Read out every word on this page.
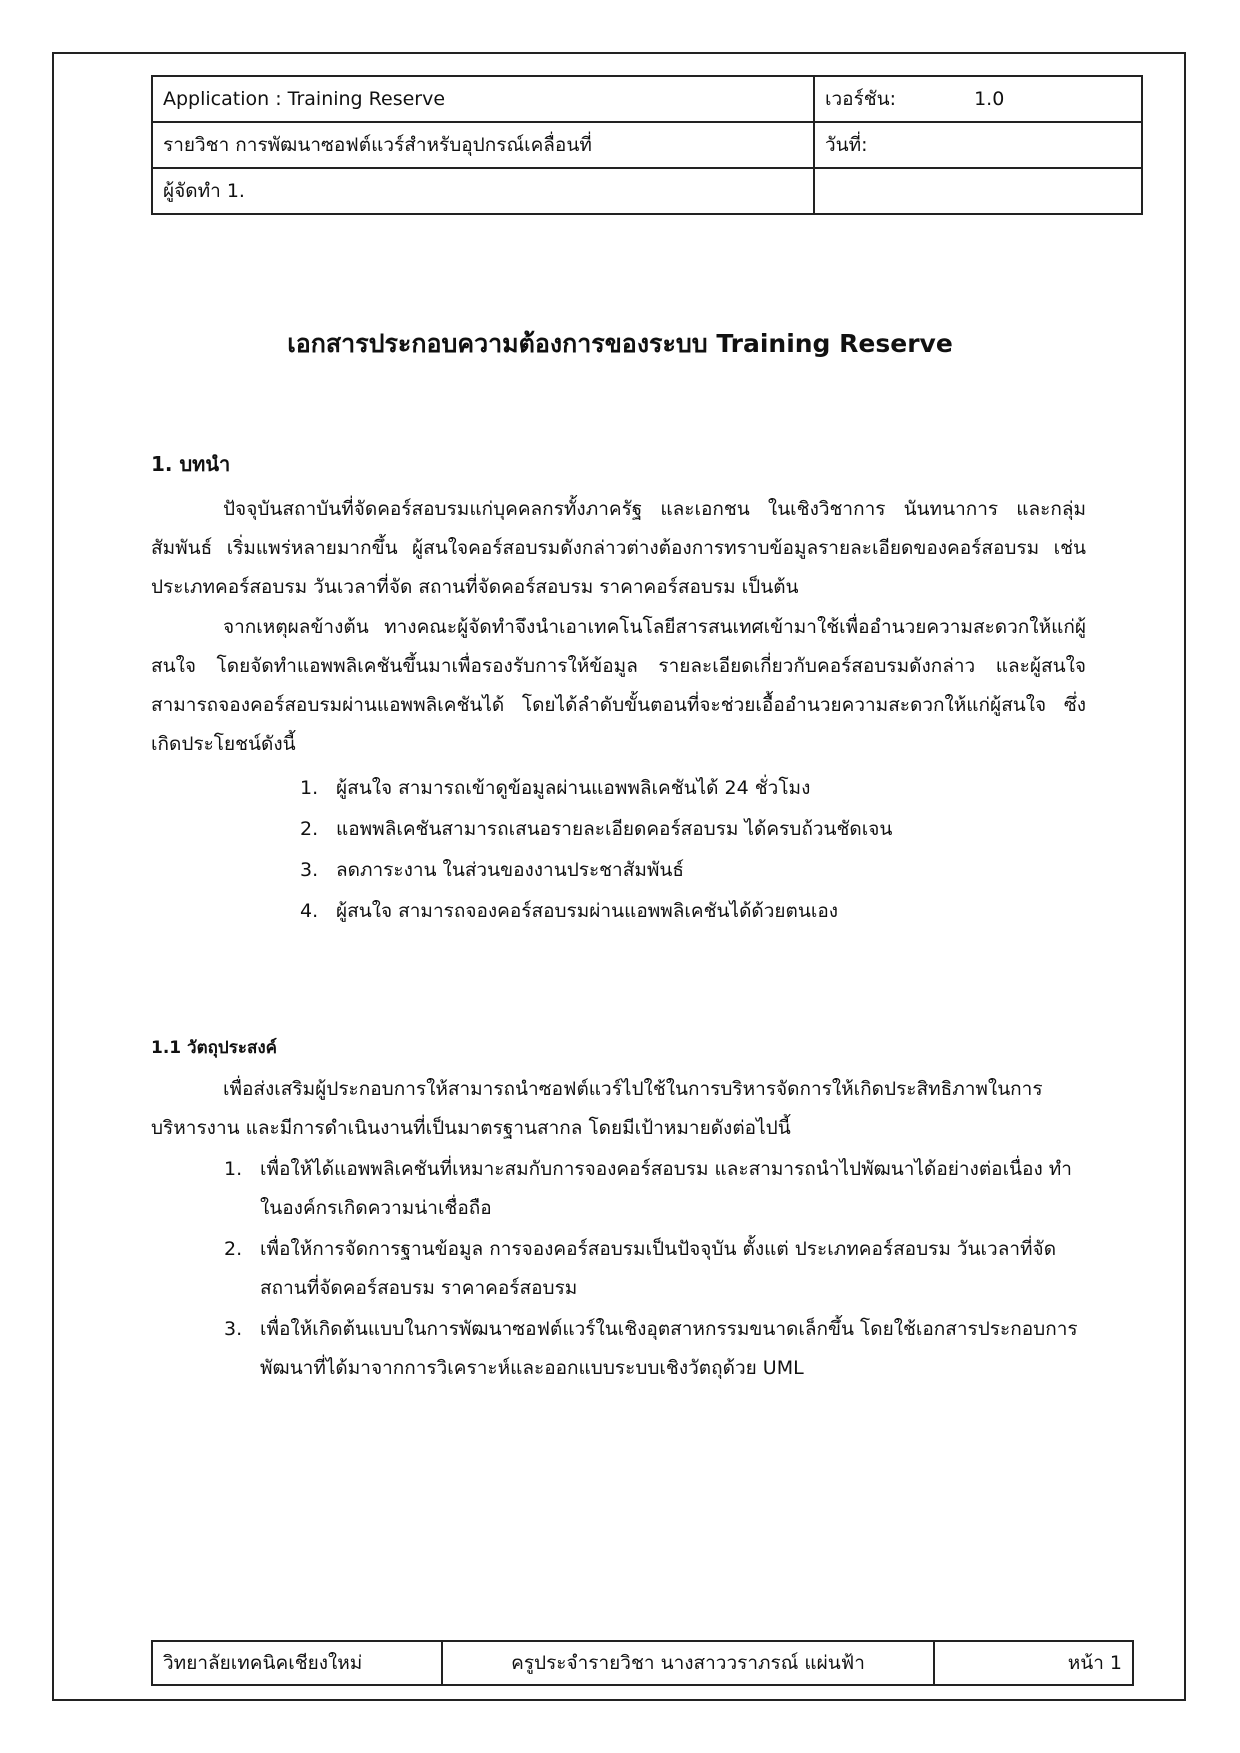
Application : Training Reserve	เวอร์ชัน: 1.0
รายวิชา การพัฒนาซอฟต์แวร์สำหรับอุปกรณ์เคลื่อนที่	วันที่:
ผู้จัดทำ 1.	
เอกสารประกอบความต้องการของระบบ Training Reserve
1. บทนำ
ปัจจุบันสถาบันที่จัดคอร์สอบรมแก่บุคคลกรทั้งภาครัฐ และเอกชน ในเชิงวิชาการ นันทนาการ และกลุ่มสัมพันธ์ เริ่มแพร่หลายมากขึ้น ผู้สนใจคอร์สอบรมดังกล่าวต่างต้องการทราบข้อมูลรายละเอียดของคอร์สอบรม เช่น ประเภทคอร์สอบรม วันเวลาที่จัด สถานที่จัดคอร์สอบรม ราคาคอร์สอบรม เป็นต้น
จากเหตุผลข้างต้น ทางคณะผู้จัดทำจึงนำเอาเทคโนโลยีสารสนเทศเข้ามาใช้เพื่ออำนวยความสะดวกให้แก่ผู้สนใจ โดยจัดทำแอพพลิเคชันขึ้นมาเพื่อรองรับการให้ข้อมูล รายละเอียดเกี่ยวกับคอร์สอบรมดังกล่าว และผู้สนใจสามารถจองคอร์สอบรมผ่านแอพพลิเคชันได้ โดยได้ลำดับขั้นตอนที่จะช่วยเอื้ออำนวยความสะดวกให้แก่ผู้สนใจ ซึ่งเกิดประโยชน์ดังนี้
1. ผู้สนใจ สามารถเข้าดูข้อมูลผ่านแอพพลิเคชันได้ 24 ชั่วโมง
2. แอพพลิเคชันสามารถเสนอรายละเอียดคอร์สอบรม ได้ครบถ้วนชัดเจน
3. ลดภาระงาน ในส่วนของงานประชาสัมพันธ์
4. ผู้สนใจ สามารถจองคอร์สอบรมผ่านแอพพลิเคชันได้ด้วยตนเอง
1.1 วัตถุประสงค์
เพื่อส่งเสริมผู้ประกอบการให้สามารถนำซอฟต์แวร์ไปใช้ในการบริหารจัดการให้เกิดประสิทธิภาพในการบริหารงาน และมีการดำเนินงานที่เป็นมาตรฐานสากล โดยมีเป้าหมายดังต่อไปนี้
1. เพื่อให้ได้แอพพลิเคชันที่เหมาะสมกับการจองคอร์สอบรม และสามารถนำไปพัฒนาได้อย่างต่อเนื่อง ทำในองค์กรเกิดความน่าเชื่อถือ
2. เพื่อให้การจัดการฐานข้อมูล การจองคอร์สอบรมเป็นปัจจุบัน ตั้งแต่ ประเภทคอร์สอบรม วันเวลาที่จัด สถานที่จัดคอร์สอบรม ราคาคอร์สอบรม
3. เพื่อให้เกิดต้นแบบในการพัฒนาซอฟต์แวร์ในเชิงอุตสาหกรรมขนาดเล็กขึ้น โดยใช้เอกสารประกอบการพัฒนาที่ได้มาจากการวิเคราะห์และออกแบบระบบเชิงวัตถุด้วย UML
วิทยาลัยเทคนิคเชียงใหม่	ครูประจำรายวิชา นางสาววราภรณ์ แผ่นฟ้า	หน้า 1
